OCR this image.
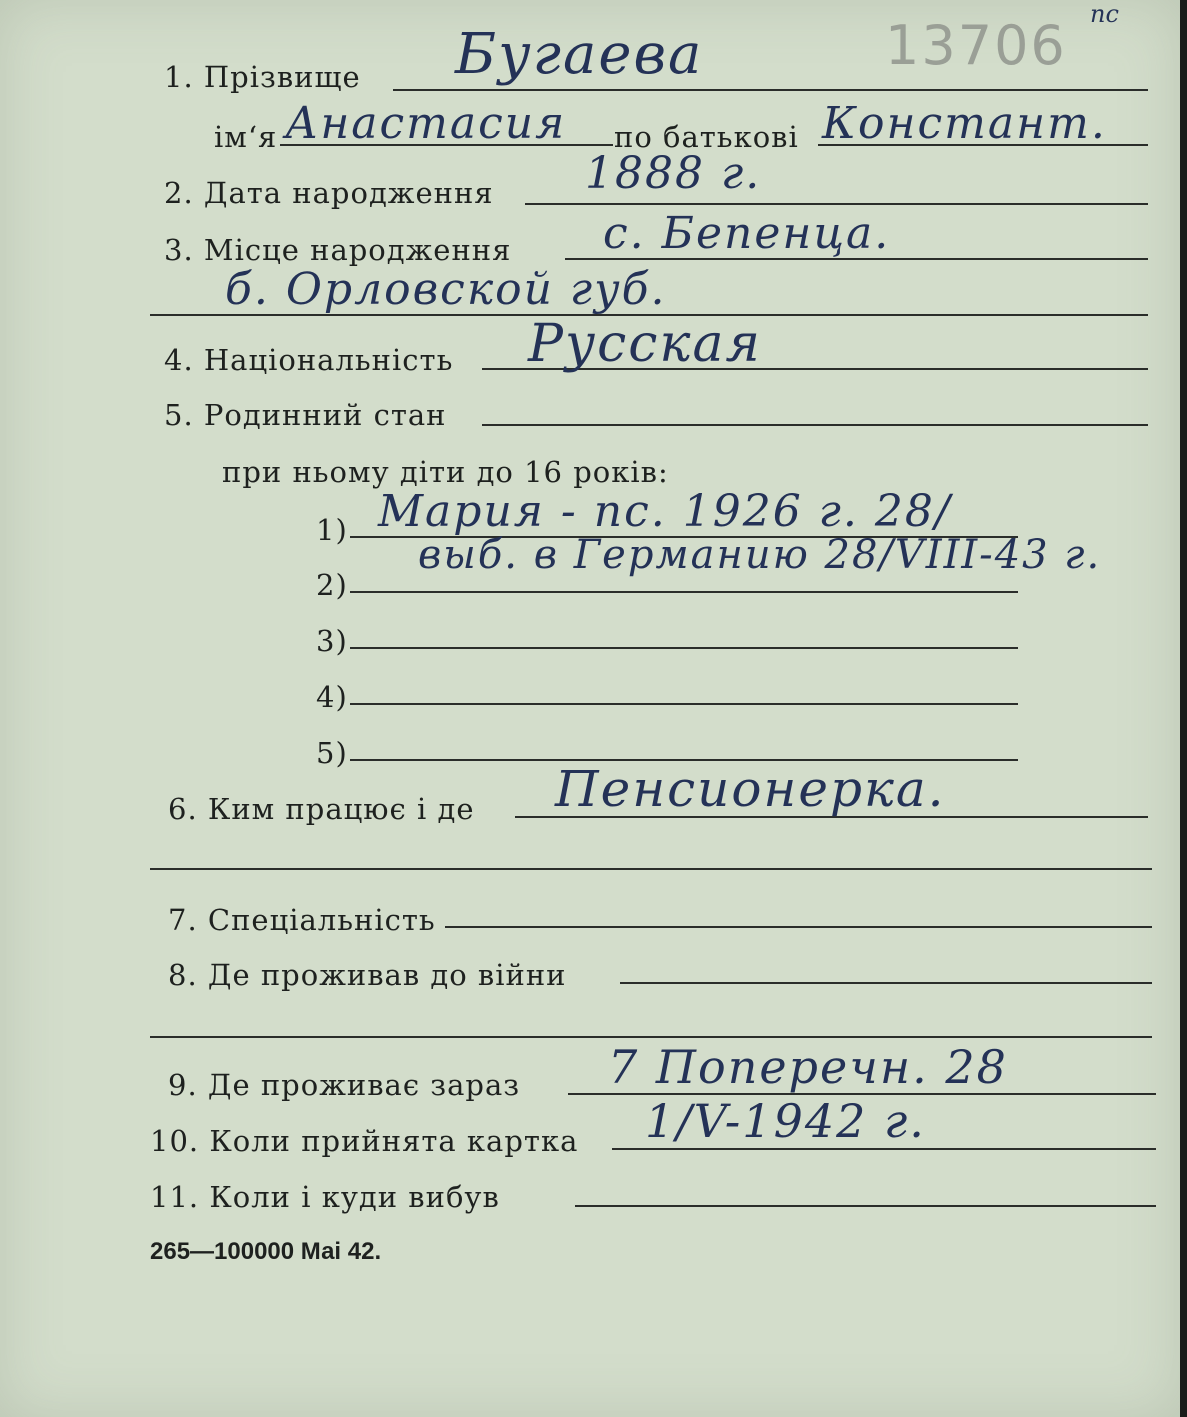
13706 пс
1. Прізвище Бугаева
ім‘я Анастасия по батькові Констант.
2. Дата народження 1888 г.
3. Місце народження с. Бепенца.
б. Орловской губ.
4. Національність Русская
5. Родинний стан
при ньому діти до 16 років:
1) Мария - пс. 1926 г. 28/
2)
выб. в Германию 28/VIII-43 г.
3)
4)
5)
6. Ким працює і де Пенсионерка.
7. Спеціальність
8. Де проживав до війни
9. Де проживає зараз 7 Поперечн. 28
10. Коли прийнята картка 1/V-1942 г.
11. Коли і куди вибув
265—100000 Маі 42.
